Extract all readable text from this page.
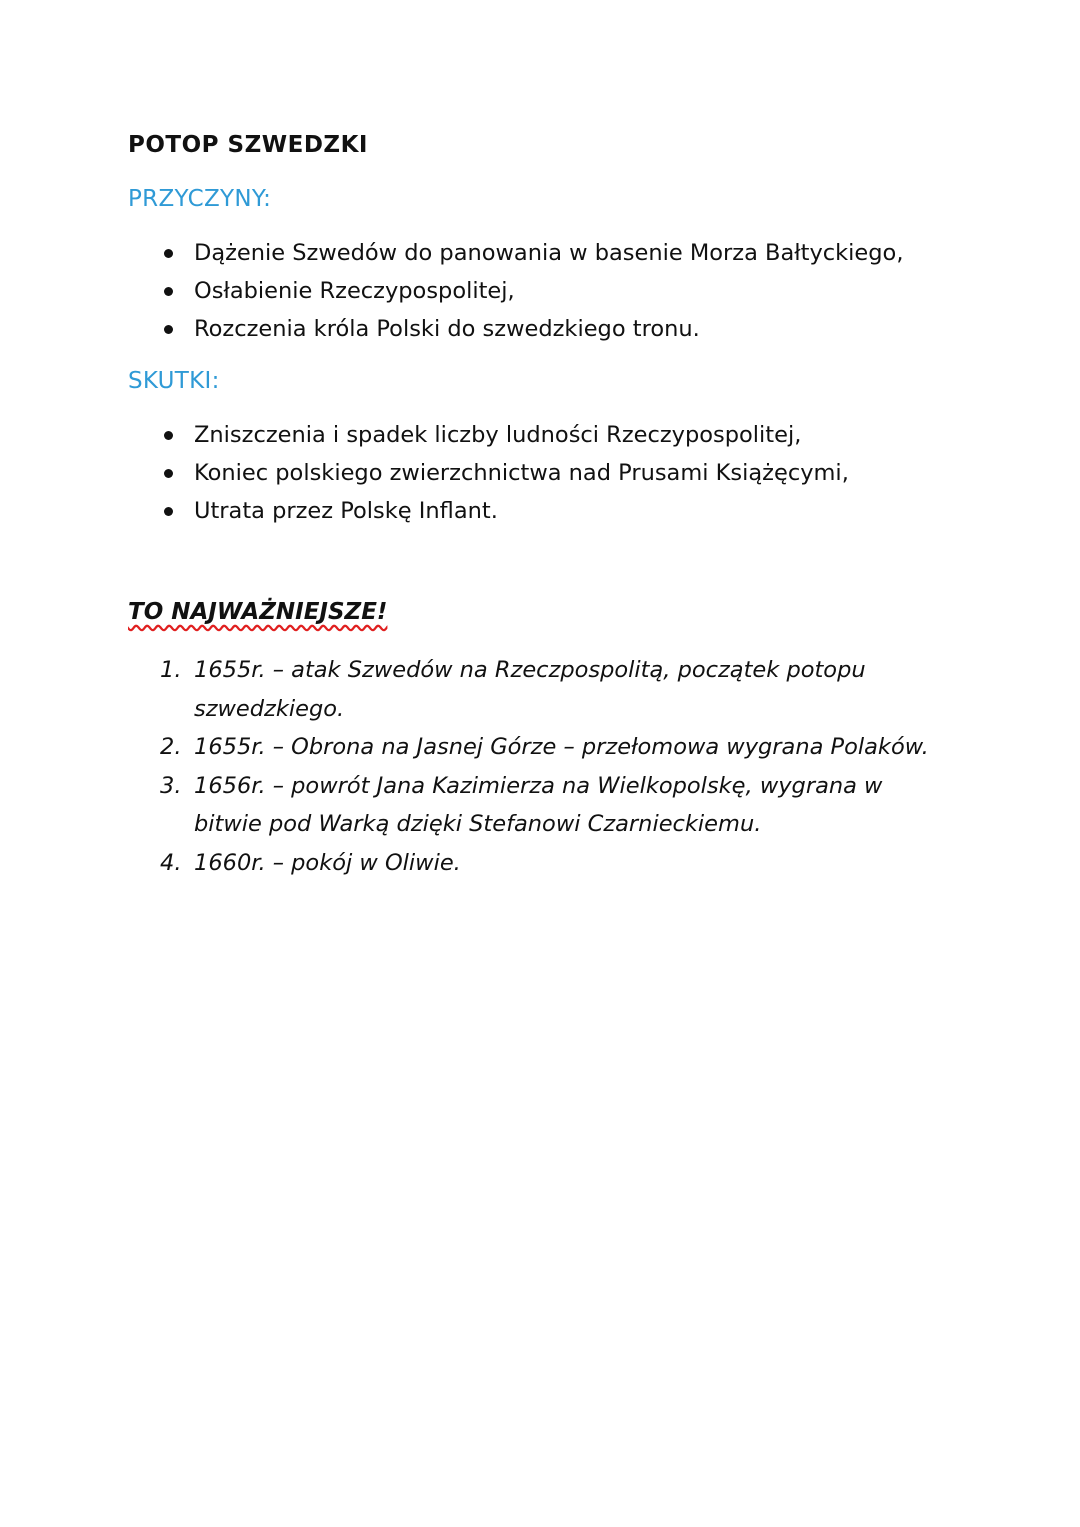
POTOP SZWEDZKI
PRZYCZYNY:
Dążenie Szwedów do panowania w basenie Morza Bałtyckiego,
Osłabienie Rzeczypospolitej,
Rozczenia króla Polski do szwedzkiego tronu.
SKUTKI:
Zniszczenia i spadek liczby ludności Rzeczypospolitej,
Koniec polskiego zwierzchnictwa nad Prusami Książęcymi,
Utrata przez Polskę Inflant.
TO NAJWAŻNIEJSZE!
1. 1655r. – atak Szwedów na Rzeczpospolitą, początek potopu szwedzkiego.
2. 1655r. – Obrona na Jasnej Górze – przełomowa wygrana Polaków.
3. 1656r. – powrót Jana Kazimierza na Wielkopolskę, wygrana w bitwie pod Warką dzięki Stefanowi Czarnieckiemu.
4. 1660r. – pokój w Oliwie.
